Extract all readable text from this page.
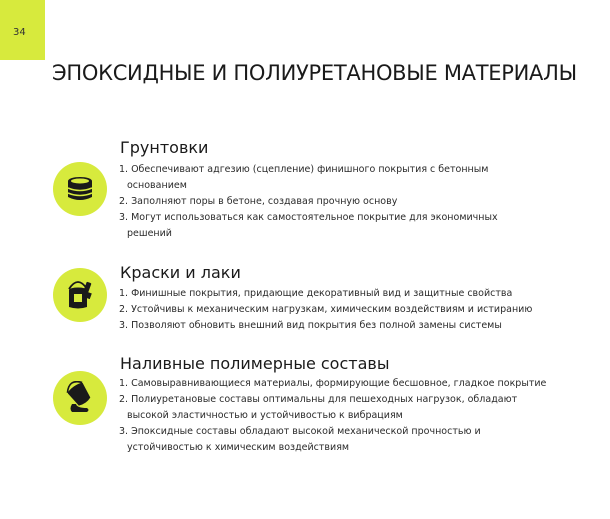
34
ЭПОКСИДНЫЕ И ПОЛИУРЕТАНОВЫЕ МАТЕРИАЛЫ
Грунтовки
1. Обеспечивают адгезию (сцепление) финишного покрытия с бетонным
основанием
2. Заполняют поры в бетоне, создавая прочную основу
3. Могут использоваться как самостоятельное покрытие для экономичных
решений
Краски и лаки
1. Финишные покрытия, придающие декоративный вид и защитные свойства
2. Устойчивы к механическим нагрузкам, химическим воздействиям и истиранию
3. Позволяют обновить внешний вид покрытия без полной замены системы
Наливные полимерные составы
1. Самовыравнивающиеся материалы, формирующие бесшовное, гладкое покрытие
2. Полиуретановые составы оптимальны для пешеходных нагрузок, обладают
высокой эластичностью и устойчивостью к вибрациям
3. Эпоксидные составы обладают высокой механической прочностью и
устойчивостью к химическим воздействиям
